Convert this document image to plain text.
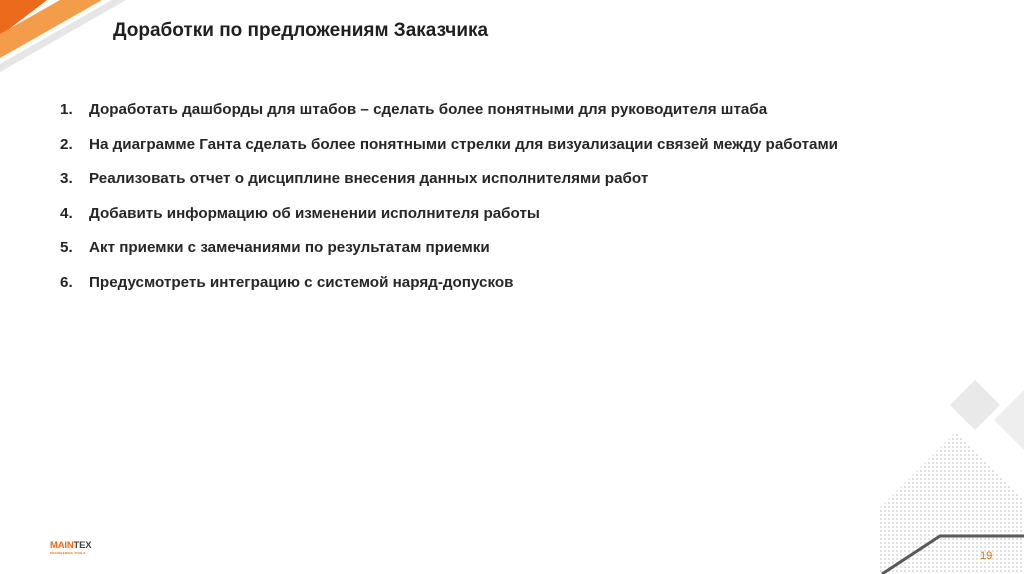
Доработки по предложениям Заказчика
1.	Доработать дашборды для штабов – сделать более понятными для руководителя штаба
2.	На диаграмме Ганта сделать более понятными стрелки для визуализации связей между работами
3.	Реализовать отчет о дисциплине внесения данных исполнителями работ
4.	Добавить информацию об изменении исполнителя работы
5.	Акт приемки с замечаниями по результатам приемки
6.	Предусмотреть интеграцию с системой наряд-допусков
MAINTEX
ENGINEERING TOOLS	19
